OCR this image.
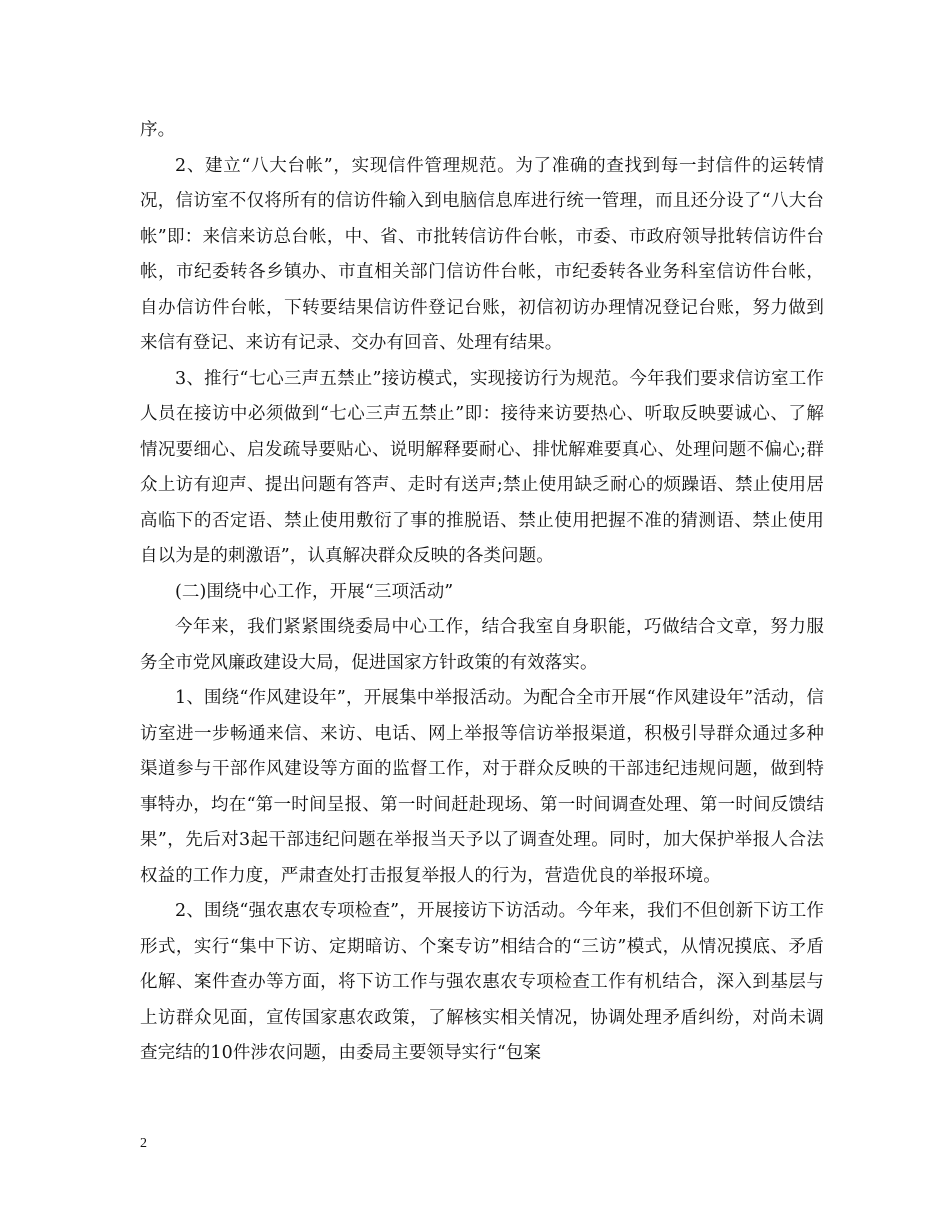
序。

2、建立“八大台帐”，实现信件管理规范。为了准确的查找到每一封信件的运转情况，信访室不仅将所有的信访件输入到电脑信息库进行统一管理，而且还分设了“八大台帐”即：来信来访总台帐，中、省、市批转信访件台帐，市委、市政府领导批转信访件台帐，市纪委转各乡镇办、市直相关部门信访件台帐，市纪委转各业务科室信访件台帐，自办信访件台帐，下转要结果信访件登记台账，初信初访办理情况登记台账，努力做到来信有登记、来访有记录、交办有回音、处理有结果。

3、推行“七心三声五禁止”接访模式，实现接访行为规范。今年我们要求信访室工作人员在接访中必须做到“七心三声五禁止”即：接待来访要热心、听取反映要诚心、了解情况要细心、启发疏导要贴心、说明解释要耐心、排忧解难要真心、处理问题不偏心;群众上访有迎声、提出问题有答声、走时有送声;禁止使用缺乏耐心的烦躁语、禁止使用居高临下的否定语、禁止使用敷衍了事的推脱语、禁止使用把握不准的猜测语、禁止使用自以为是的刺激语”，认真解决群众反映的各类问题。

(二)围绕中心工作，开展“三项活动”

今年来，我们紧紧围绕委局中心工作，结合我室自身职能，巧做结合文章，努力服务全市党风廉政建设大局，促进国家方针政策的有效落实。

1、围绕“作风建设年”，开展集中举报活动。为配合全市开展“作风建设年”活动，信访室进一步畅通来信、来访、电话、网上举报等信访举报渠道，积极引导群众通过多种渠道参与干部作风建设等方面的监督工作，对于群众反映的干部违纪违规问题，做到特事特办，均在“第一时间呈报、第一时间赶赴现场、第一时间调查处理、第一时间反馈结果”，先后对3起干部违纪问题在举报当天予以了调查处理。同时，加大保护举报人合法权益的工作力度，严肃查处打击报复举报人的行为，营造优良的举报环境。

2、围绕“强农惠农专项检查”，开展接访下访活动。今年来，我们不但创新下访工作形式，实行“集中下访、定期暗访、个案专访”相结合的“三访”模式，从情况摸底、矛盾化解、案件查办等方面，将下访工作与强农惠农专项检查工作有机结合，深入到基层与上访群众见面，宣传国家惠农政策，了解核实相关情况，协调处理矛盾纠纷，对尚未调查完结的10件涉农问题，由委局主要领导实行“包案

2
